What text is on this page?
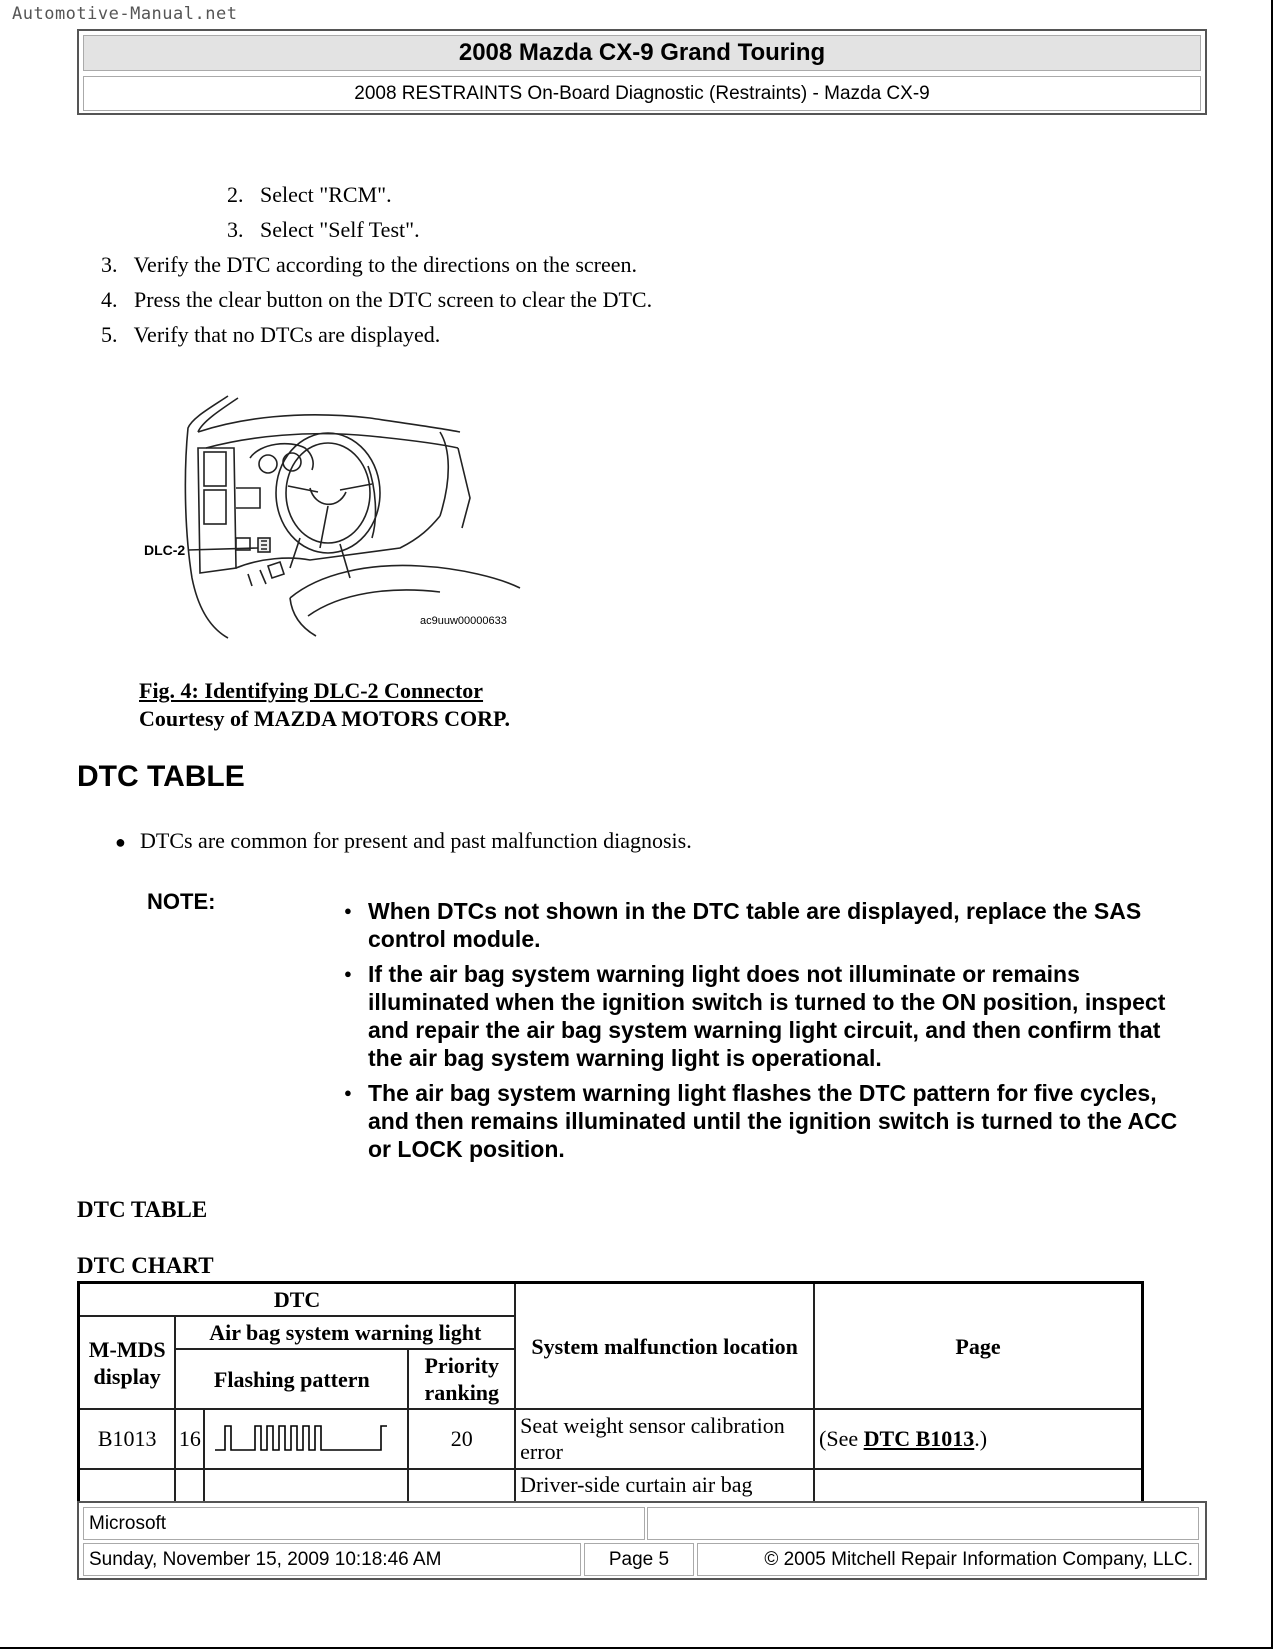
Automotive-Manual.net
2008 Mazda CX-9 Grand Touring
2008 RESTRAINTS On-Board Diagnostic (Restraints) - Mazda CX-9
2. Select "RCM".
3. Select "Self Test".
3. Verify the DTC according to the directions on the screen.
4. Press the clear button on the DTC screen to clear the DTC.
5. Verify that no DTCs are displayed.
DLC-2
ac9uuw00000633
Fig. 4: Identifying DLC-2 Connector
Courtesy of MAZDA MOTORS CORP.
DTC TABLE
● DTCs are common for present and past malfunction diagnosis.
NOTE:	● When DTCs not shown in the DTC table are displayed, replace the SAS control module.
● If the air bag system warning light does not illuminate or remains illuminated when the ignition switch is turned to the ON position, inspect and repair the air bag system warning light circuit, and then confirm that the air bag system warning light is operational.
● The air bag system warning light flashes the DTC pattern for five cycles, and then remains illuminated until the ignition switch is turned to the ACC or LOCK position.
DTC TABLE
DTC CHART
DTC				System malfunction location	Page
M-MDS display	Air bag system warning light				
	Flashing pattern		Priority ranking		
B1013	16		20	Seat weight sensor calibration error	(See DTC B1013.)
				Driver-side curtain air bag	
Microsoft
Sunday, November 15, 2009 10:18:46 AM	Page 5	© 2005 Mitchell Repair Information Company, LLC.
